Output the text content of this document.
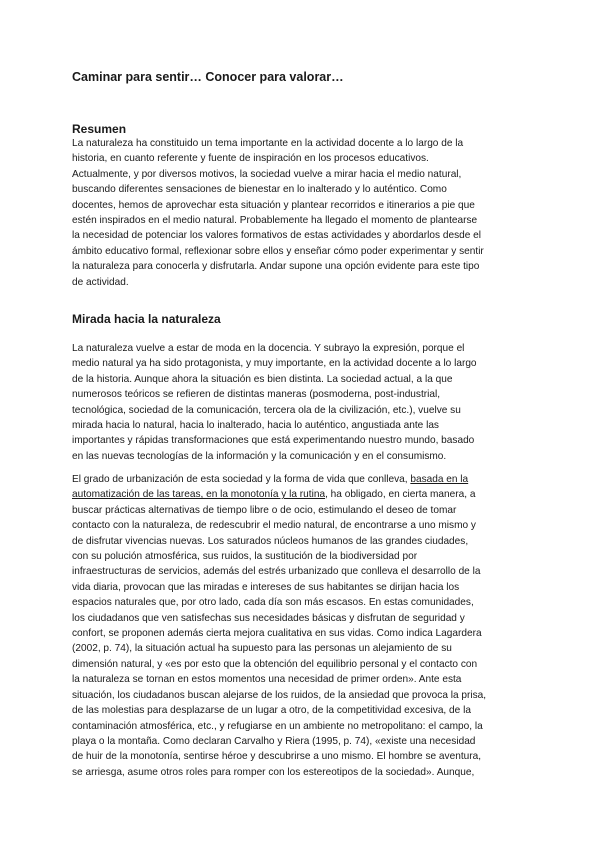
Caminar para sentir… Conocer para valorar…
Resumen
La naturaleza ha constituido un tema importante en la actividad docente a lo largo de la
historia, en cuanto referente y fuente de inspiración en los procesos educativos.
Actualmente, y por diversos motivos, la sociedad vuelve a mirar hacia el medio natural,
buscando diferentes sensaciones de bienestar en lo inalterado y lo auténtico. Como
docentes, hemos de aprovechar esta situación y plantear recorridos e itinerarios a pie que
estén inspirados en el medio natural. Probablemente ha llegado el momento de plantearse
la necesidad de potenciar los valores formativos de estas actividades y abordarlos desde el
ámbito educativo formal, reflexionar sobre ellos y enseñar cómo poder experimentar y sentir
la naturaleza para conocerla y disfrutarla. Andar supone una opción evidente para este tipo
de actividad.
Mirada hacia la naturaleza
La naturaleza vuelve a estar de moda en la docencia. Y subrayo la expresión, porque el
medio natural ya ha sido protagonista, y muy importante, en la actividad docente a lo largo
de la historia. Aunque ahora la situación es bien distinta. La sociedad actual, a la que
numerosos teóricos se refieren de distintas maneras (posmoderna, post-industrial,
tecnológica, sociedad de la comunicación, tercera ola de la civilización, etc.), vuelve su
mirada hacia lo natural, hacia lo inalterado, hacia lo auténtico, angustiada ante las
importantes y rápidas transformaciones que está experimentando nuestro mundo, basado
en las nuevas tecnologías de la información y la comunicación y en el consumismo.
El grado de urbanización de esta sociedad y la forma de vida que conlleva, basada en la
automatización de las tareas, en la monotonía y la rutina, ha obligado, en cierta manera, a
buscar prácticas alternativas de tiempo libre o de ocio, estimulando el deseo de tomar
contacto con la naturaleza, de redescubrir el medio natural, de encontrarse a uno mismo y
de disfrutar vivencias nuevas. Los saturados núcleos humanos de las grandes ciudades,
con su polución atmosférica, sus ruidos, la sustitución de la biodiversidad por
infraestructuras de servicios, además del estrés urbanizado que conlleva el desarrollo de la
vida diaria, provocan que las miradas e intereses de sus habitantes se dirijan hacia los
espacios naturales que, por otro lado, cada día son más escasos. En estas comunidades,
los ciudadanos que ven satisfechas sus necesidades básicas y disfrutan de seguridad y
confort, se proponen además cierta mejora cualitativa en sus vidas. Como indica Lagardera
(2002, p. 74), la situación actual ha supuesto para las personas un alejamiento de su
dimensión natural, y «es por esto que la obtención del equilibrio personal y el contacto con
la naturaleza se tornan en estos momentos una necesidad de primer orden». Ante esta
situación, los ciudadanos buscan alejarse de los ruidos, de la ansiedad que provoca la prisa,
de las molestias para desplazarse de un lugar a otro, de la competitividad excesiva, de la
contaminación atmosférica, etc., y refugiarse en un ambiente no metropolitano: el campo, la
playa o la montaña. Como declaran Carvalho y Riera (1995, p. 74), «existe una necesidad
de huir de la monotonía, sentirse héroe y descubrirse a uno mismo. El hombre se aventura,
se arriesga, asume otros roles para romper con los estereotipos de la sociedad». Aunque,
